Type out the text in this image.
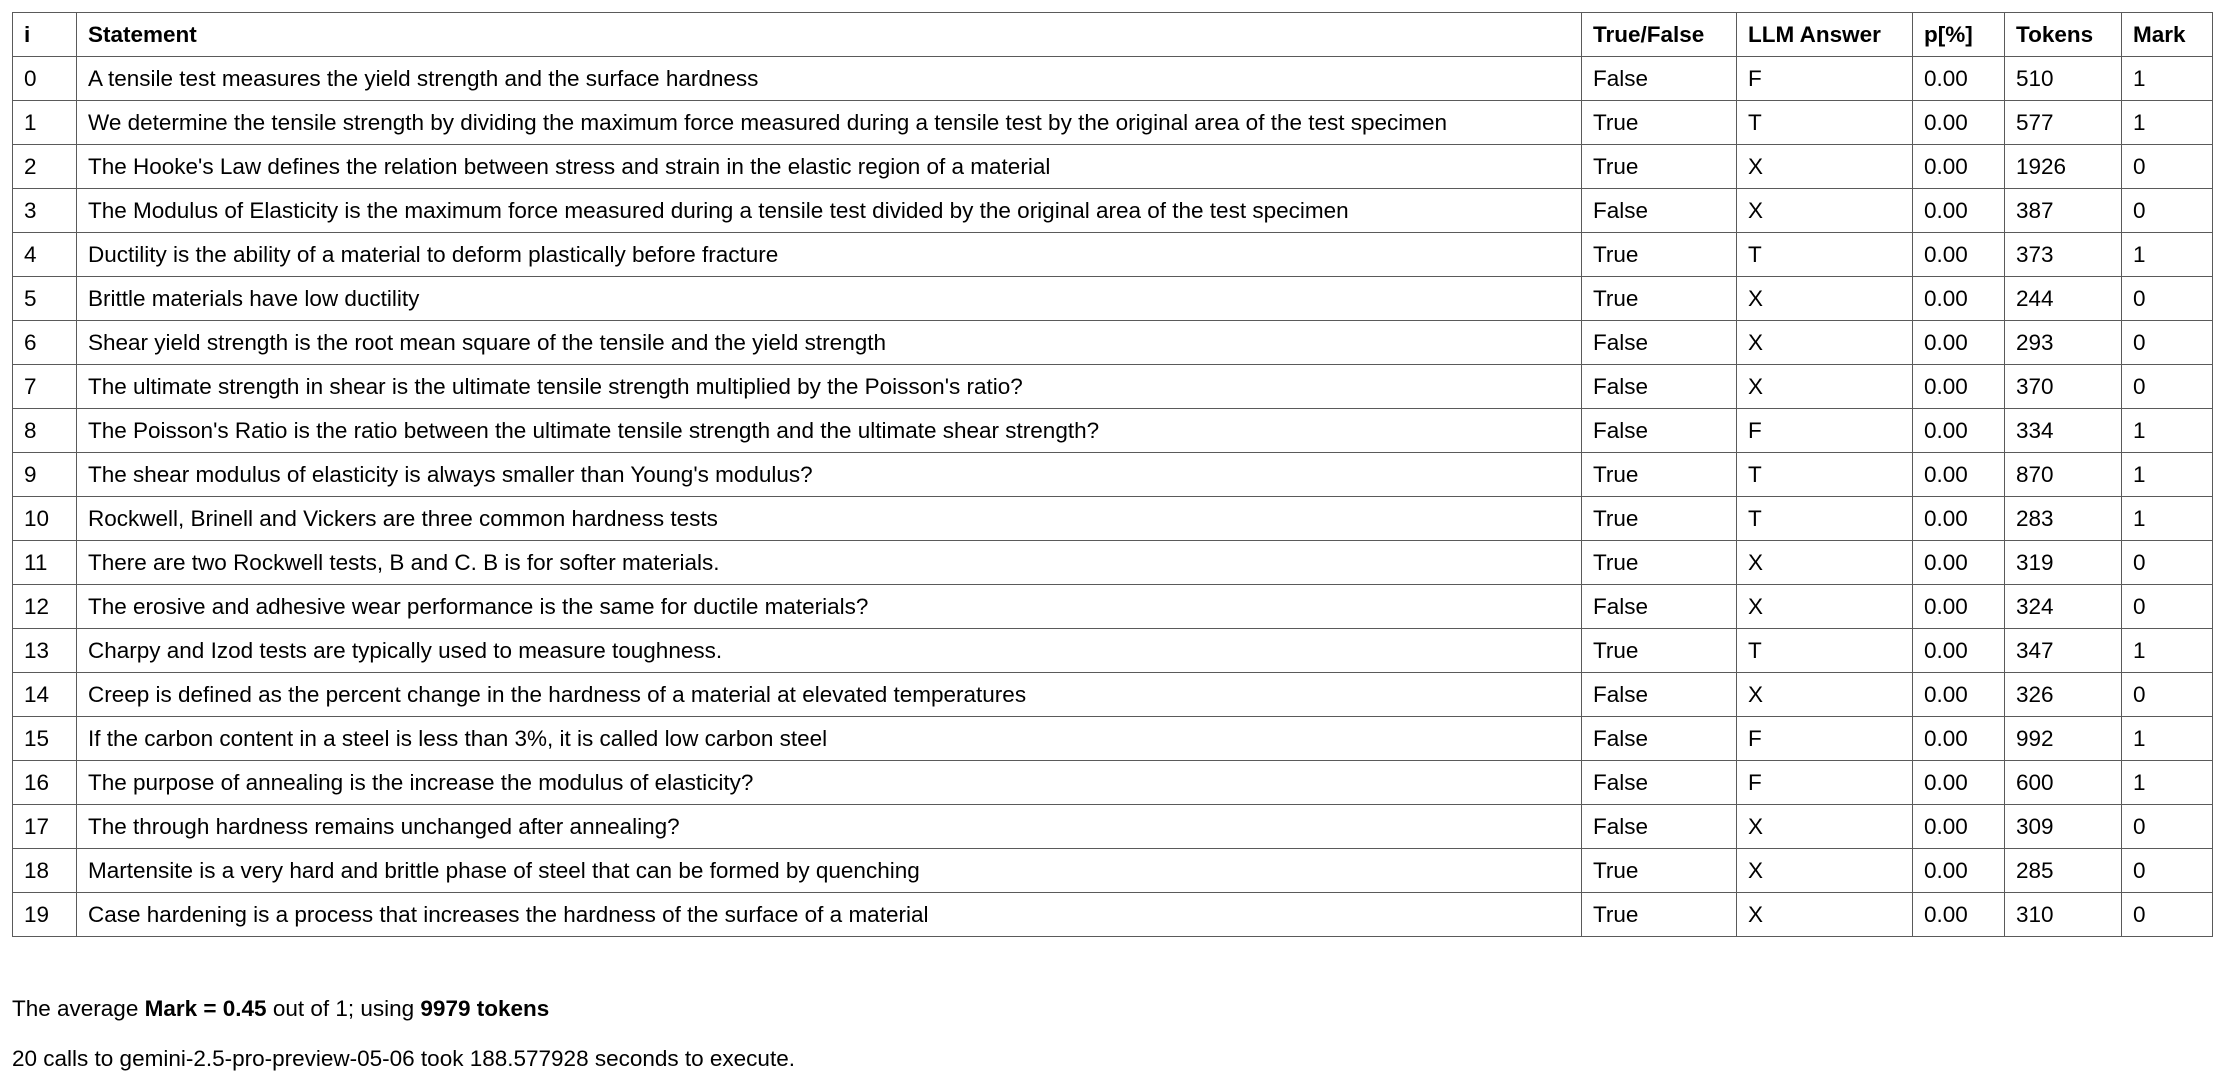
i	Statement	True/False	LLM Answer	p[%]	Tokens	Mark
0	A tensile test measures the yield strength and the surface hardness	False	F	0.00	510	1
1	We determine the tensile strength by dividing the maximum force measured during a tensile test by the original area of the test specimen	True	T	0.00	577	1
2	The Hooke's Law defines the relation between stress and strain in the elastic region of a material	True	X	0.00	1926	0
3	The Modulus of Elasticity is the maximum force measured during a tensile test divided by the original area of the test specimen	False	X	0.00	387	0
4	Ductility is the ability of a material to deform plastically before fracture	True	T	0.00	373	1
5	Brittle materials have low ductility	True	X	0.00	244	0
6	Shear yield strength is the root mean square of the tensile and the yield strength	False	X	0.00	293	0
7	The ultimate strength in shear is the ultimate tensile strength multiplied by the Poisson's ratio?	False	X	0.00	370	0
8	The Poisson's Ratio is the ratio between the ultimate tensile strength and the ultimate shear strength?	False	F	0.00	334	1
9	The shear modulus of elasticity is always smaller than Young's modulus?	True	T	0.00	870	1
10	Rockwell, Brinell and Vickers are three common hardness tests	True	T	0.00	283	1
11	There are two Rockwell tests, B and C. B is for softer materials.	True	X	0.00	319	0
12	The erosive and adhesive wear performance is the same for ductile materials?	False	X	0.00	324	0
13	Charpy and Izod tests are typically used to measure toughness.	True	T	0.00	347	1
14	Creep is defined as the percent change in the hardness of a material at elevated temperatures	False	X	0.00	326	0
15	If the carbon content in a steel is less than 3%, it is called low carbon steel	False	F	0.00	992	1
16	The purpose of annealing is the increase the modulus of elasticity?	False	F	0.00	600	1
17	The through hardness remains unchanged after annealing?	False	X	0.00	309	0
18	Martensite is a very hard and brittle phase of steel that can be formed by quenching	True	X	0.00	285	0
19	Case hardening is a process that increases the hardness of the surface of a material	True	X	0.00	310	0
The average Mark = 0.45 out of 1; using 9979 tokens
20 calls to gemini-2.5-pro-preview-05-06 took 188.577928 seconds to execute.
